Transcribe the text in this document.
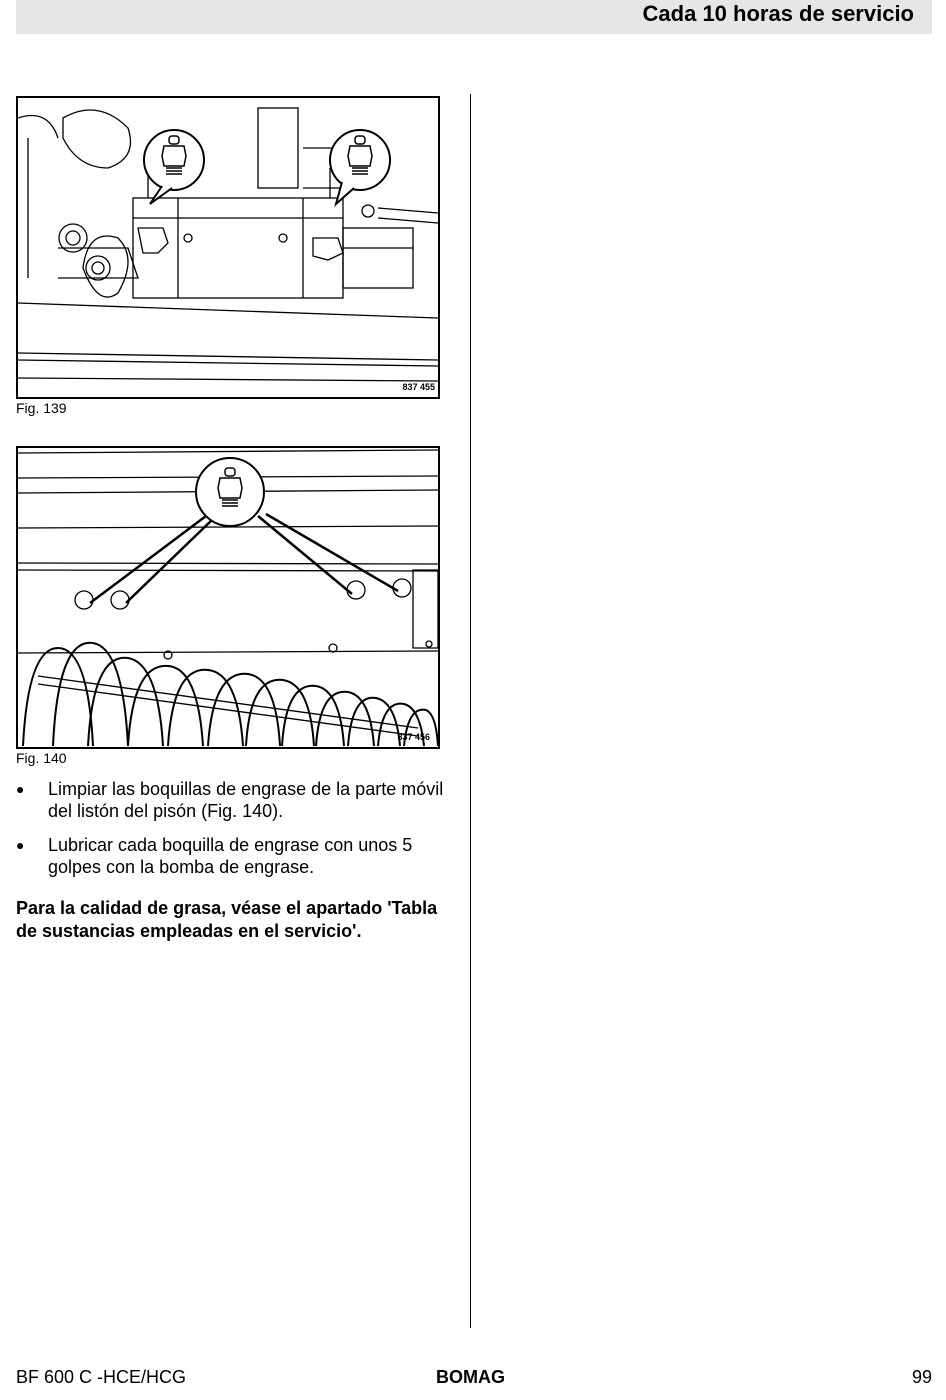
Cada 10 horas de servicio
837 455
Fig. 139
837 456
Fig. 140
●	Limpiar las boquillas de engrase de la parte móvil del listón del pisón (Fig. 140).
●	Lubricar cada boquilla de engrase con unos 5 golpes con la bomba de engrase.
Para la calidad de grasa, véase el apartado 'Tabla de sustancias empleadas en el servicio'.
BF 600 C -HCE/HCG	BOMAG	99
